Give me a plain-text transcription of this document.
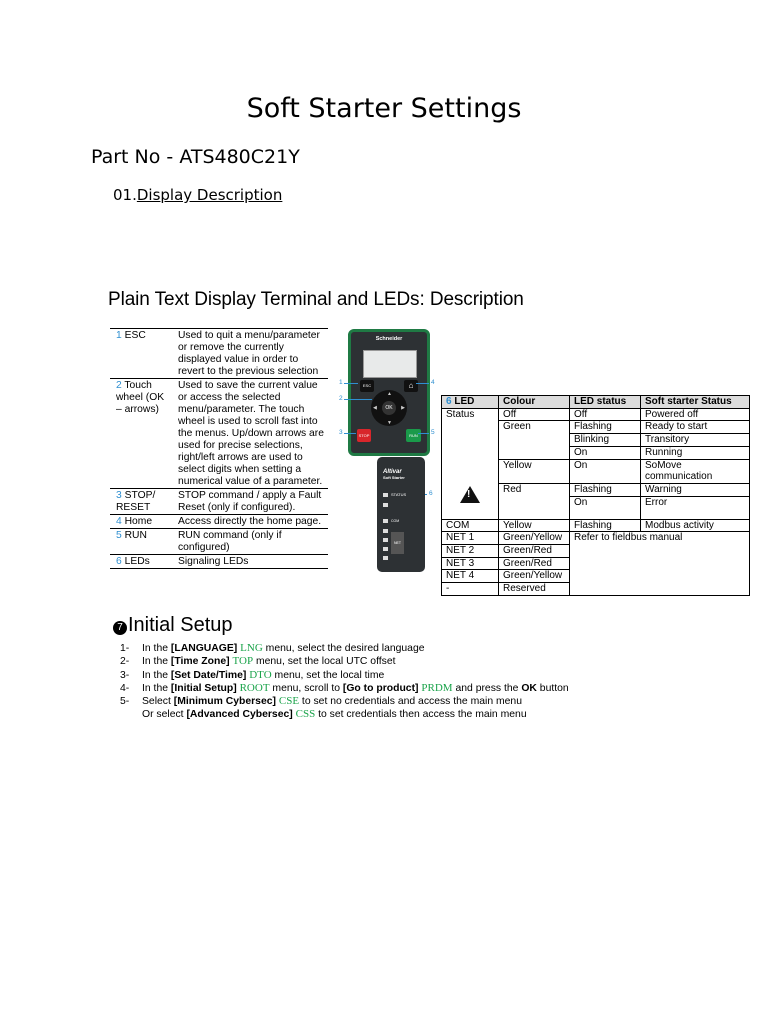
Soft Starter Settings
Part No - ATS480C21Y
01.Display Description
Plain Text Display Terminal and LEDs: Description
1 ESC	Used to quit a menu/parameter or remove the currently displayed value in order to revert to the previous selection
2 Touch wheel (OK – arrows)	Used to save the current value or access the selected menu/parameter. The touch wheel is used to scroll fast into the menus. Up/down arrows are used for precise selections, right/left arrows are used to select digits when setting a numerical value of a parameter.
3 STOP/ RESET	STOP command / apply a Fault Reset (only if configured).
4 Home	Access directly the home page.
5 RUN	RUN command (only if configured)
6 LEDs	Signaling LEDs
Schneider
ESC	⌂
▲
▼
◀	▶
OK
STOP	RUN
1
2
3
4
5
6
Altivar
Soft Starter
STATUS
COM
NET
6 LED	Colour	LED status	Soft starter Status
Status	Off	Off	Powered off
	Green	Flashing	Ready to start
		Blinking	Transitory
		On	Running
	Yellow	On	SoMove communication

!	Red	Flashing	Warning
		On	Error
COM	Yellow	Flashing	Modbus activity
NET 1	Green/Yellow	Refer to fieldbus manual	
NET 2	Green/Red		
NET 3	Green/Red		
NET 4	Green/Yellow		
-	Reserved		
7 Initial Setup
1- In the [LANGUAGE] LNG menu, select the desired language
2- In the [Time Zone] TOP menu, set the local UTC offset
3- In the [Set Date/Time] DTO menu, set the local time
4- In the [Initial Setup] ROOT menu, scroll to [Go to product] PRDM and press the OK button
5- Select [Minimum Cybersec] CSE to set no credentials and access the main menu
Or select [Advanced Cybersec] CSS to set credentials then access the main menu
